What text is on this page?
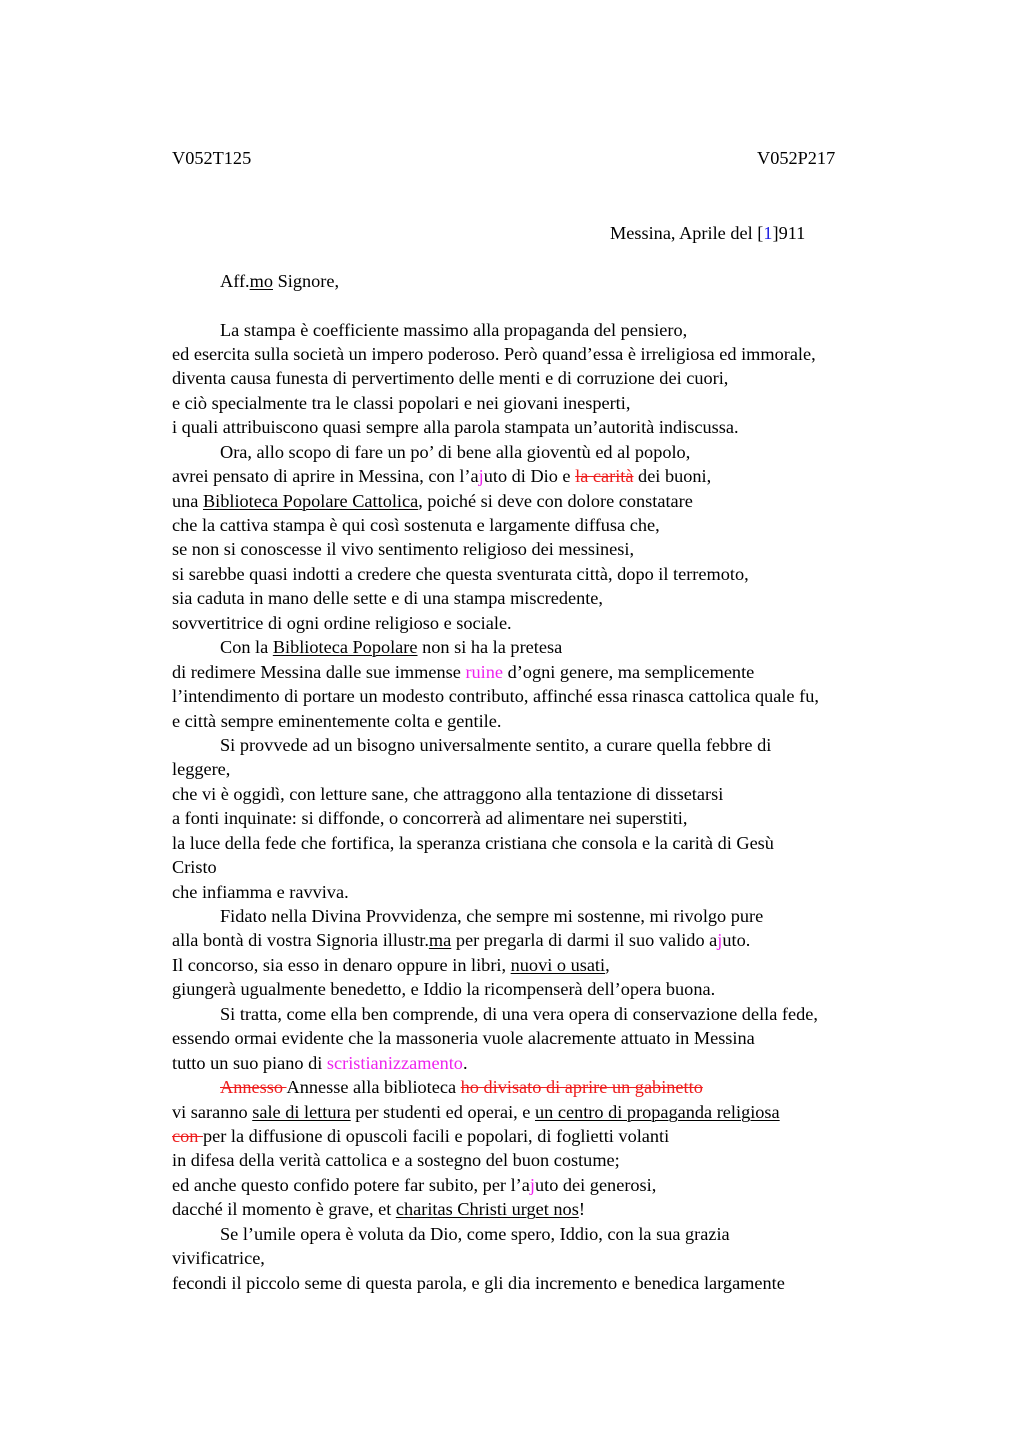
V052T125	V052P217
Messina, Aprile del [1]911
Aff.mo Signore,
La stampa è coefficiente massimo alla propaganda del pensiero,
ed esercita sulla società un impero poderoso. Però quand’essa è irreligiosa ed immorale,
diventa causa funesta di pervertimento delle menti e di corruzione dei cuori,
e ciò specialmente tra le classi popolari e nei giovani inesperti,
i quali attribuiscono quasi sempre alla parola stampata un’autorità indiscussa.
Ora, allo scopo di fare un po’ di bene alla gioventù ed al popolo,
avrei pensato di aprire in Messina, con l’ajuto di Dio e la carità dei buoni,
una Biblioteca Popolare Cattolica, poiché si deve con dolore constatare
che la cattiva stampa è qui così sostenuta e largamente diffusa che,
se non si conoscesse il vivo sentimento religioso dei messinesi,
si sarebbe quasi indotti a credere che questa sventurata città, dopo il terremoto,
sia caduta in mano delle sette e di una stampa miscredente,
sovvertitrice di ogni ordine religioso e sociale.
Con la Biblioteca Popolare non si ha la pretesa
di redimere Messina dalle sue immense ruine d’ogni genere, ma semplicemente
l’intendimento di portare un modesto contributo, affinché essa rinasca cattolica quale fu,
e città sempre eminentemente colta e gentile.
Si provvede ad un bisogno universalmente sentito, a curare quella febbre di
leggere,
che vi è oggidì, con letture sane, che attraggono alla tentazione di dissetarsi
a fonti inquinate: si diffonde, o concorrerà ad alimentare nei superstiti,
la luce della fede che fortifica, la speranza cristiana che consola e la carità di Gesù
Cristo
che infiamma e ravviva.
Fidato nella Divina Provvidenza, che sempre mi sostenne, mi rivolgo pure
alla bontà di vostra Signoria illustr.ma per pregarla di darmi il suo valido ajuto.
Il concorso, sia esso in denaro oppure in libri, nuovi o usati,
giungerà ugualmente benedetto, e Iddio la ricompenserà dell’opera buona.
Si tratta, come ella ben comprende, di una vera opera di conservazione della fede,
essendo ormai evidente che la massoneria vuole alacremente attuato in Messina
tutto un suo piano di scristianizzamento.
Annesso Annesse alla biblioteca ho divisato di aprire un gabinetto
vi saranno sale di lettura per studenti ed operai, e un centro di propaganda religiosa
con per la diffusione di opuscoli facili e popolari, di foglietti volanti
in difesa della verità cattolica e a sostegno del buon costume;
ed anche questo confido potere far subito, per l’ajuto dei generosi,
dacché il momento è grave, et charitas Christi urget nos!
Se l’umile opera è voluta da Dio, come spero, Iddio, con la sua grazia
vivificatrice,
fecondi il piccolo seme di questa parola, e gli dia incremento e benedica largamente
